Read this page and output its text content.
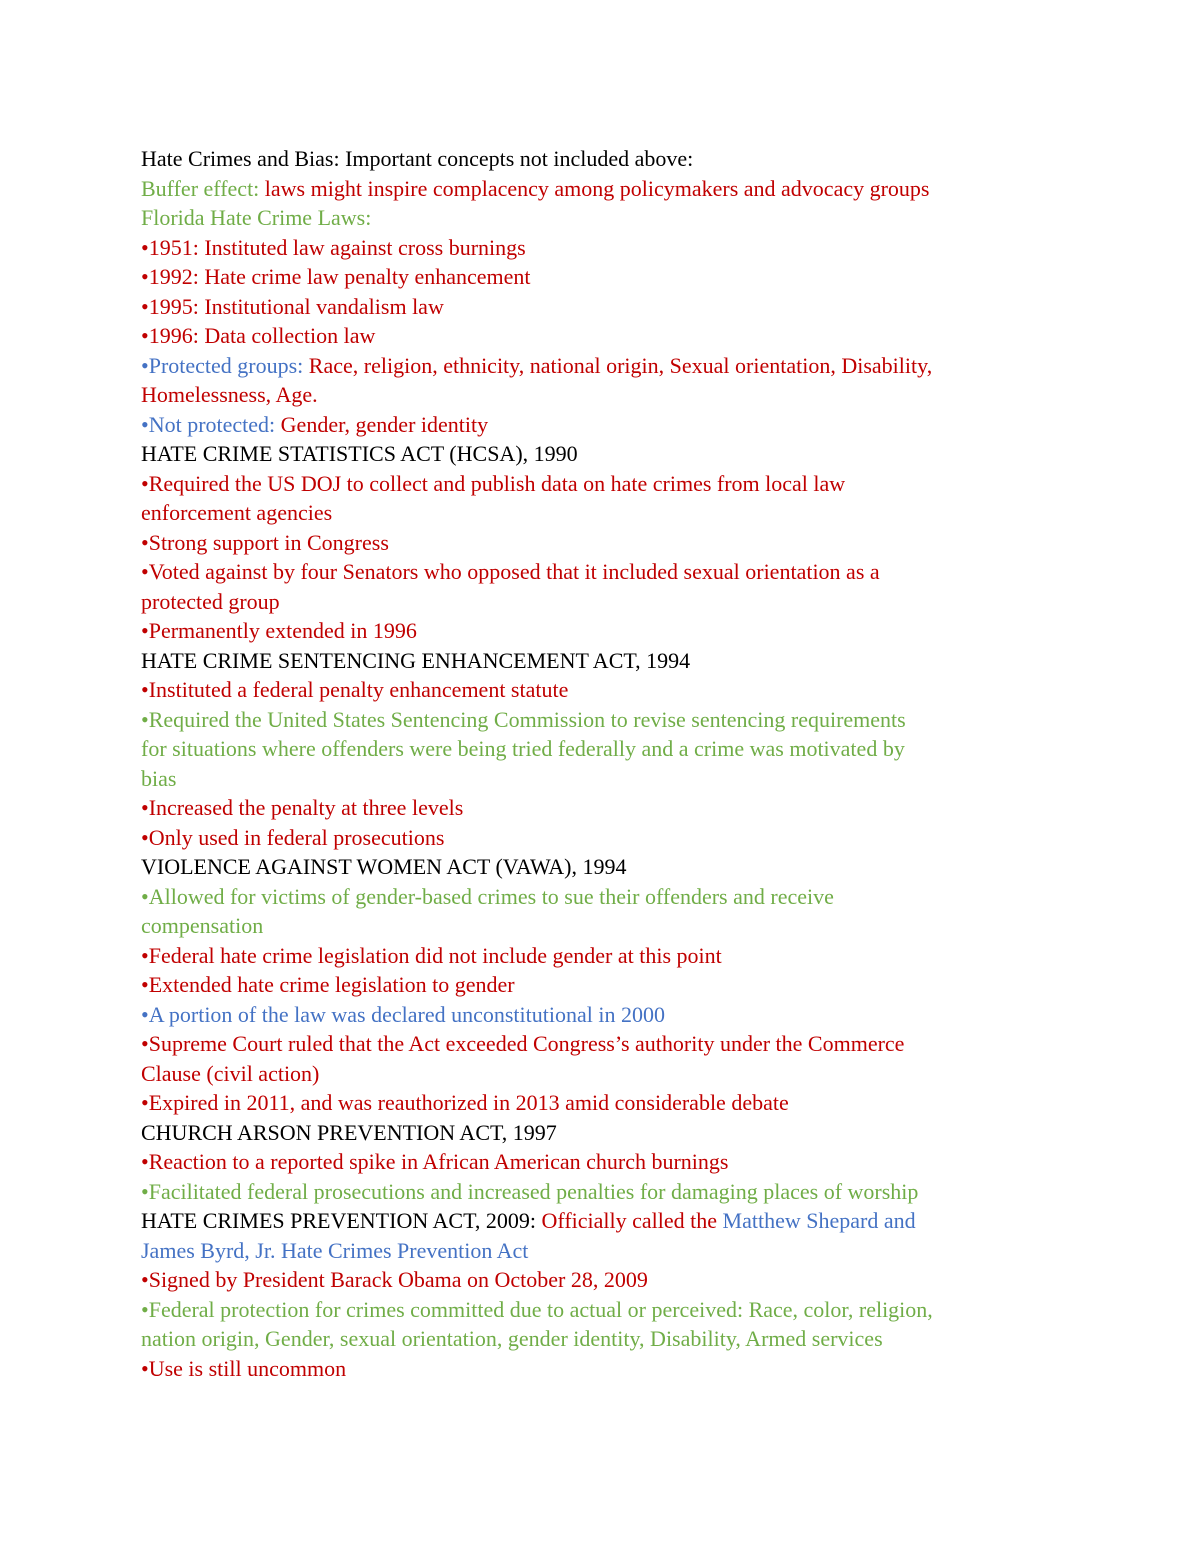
Hate Crimes and Bias: Important concepts not included above:
Buffer effect: laws might inspire complacency among policymakers and advocacy groups
Florida Hate Crime Laws:
•1951: Instituted law against cross burnings
•1992: Hate crime law penalty enhancement
•1995: Institutional vandalism law
•1996: Data collection law
•Protected groups: Race, religion, ethnicity, national origin, Sexual orientation, Disability,
Homelessness, Age.
•Not protected: Gender, gender identity
HATE CRIME STATISTICS ACT (HCSA), 1990
•Required the US DOJ to collect and publish data on hate crimes from local law
enforcement agencies
•Strong support in Congress
•Voted against by four Senators who opposed that it included sexual orientation as a
protected group
•Permanently extended in 1996
HATE CRIME SENTENCING ENHANCEMENT ACT, 1994
•Instituted a federal penalty enhancement statute
•Required the United States Sentencing Commission to revise sentencing requirements
for situations where offenders were being tried federally and a crime was motivated by
bias
•Increased the penalty at three levels
•Only used in federal prosecutions
VIOLENCE AGAINST WOMEN ACT (VAWA), 1994
•Allowed for victims of gender-based crimes to sue their offenders and receive
compensation
•Federal hate crime legislation did not include gender at this point
•Extended hate crime legislation to gender
•A portion of the law was declared unconstitutional in 2000
•Supreme Court ruled that the Act exceeded Congress’s authority under the Commerce
Clause (civil action)
•Expired in 2011, and was reauthorized in 2013 amid considerable debate
CHURCH ARSON PREVENTION ACT, 1997
•Reaction to a reported spike in African American church burnings
•Facilitated federal prosecutions and increased penalties for damaging places of worship
HATE CRIMES PREVENTION ACT, 2009: Officially called the Matthew Shepard and
James Byrd, Jr. Hate Crimes Prevention Act
•Signed by President Barack Obama on October 28, 2009
•Federal protection for crimes committed due to actual or perceived: Race, color, religion,
nation origin, Gender, sexual orientation, gender identity, Disability, Armed services
•Use is still uncommon
